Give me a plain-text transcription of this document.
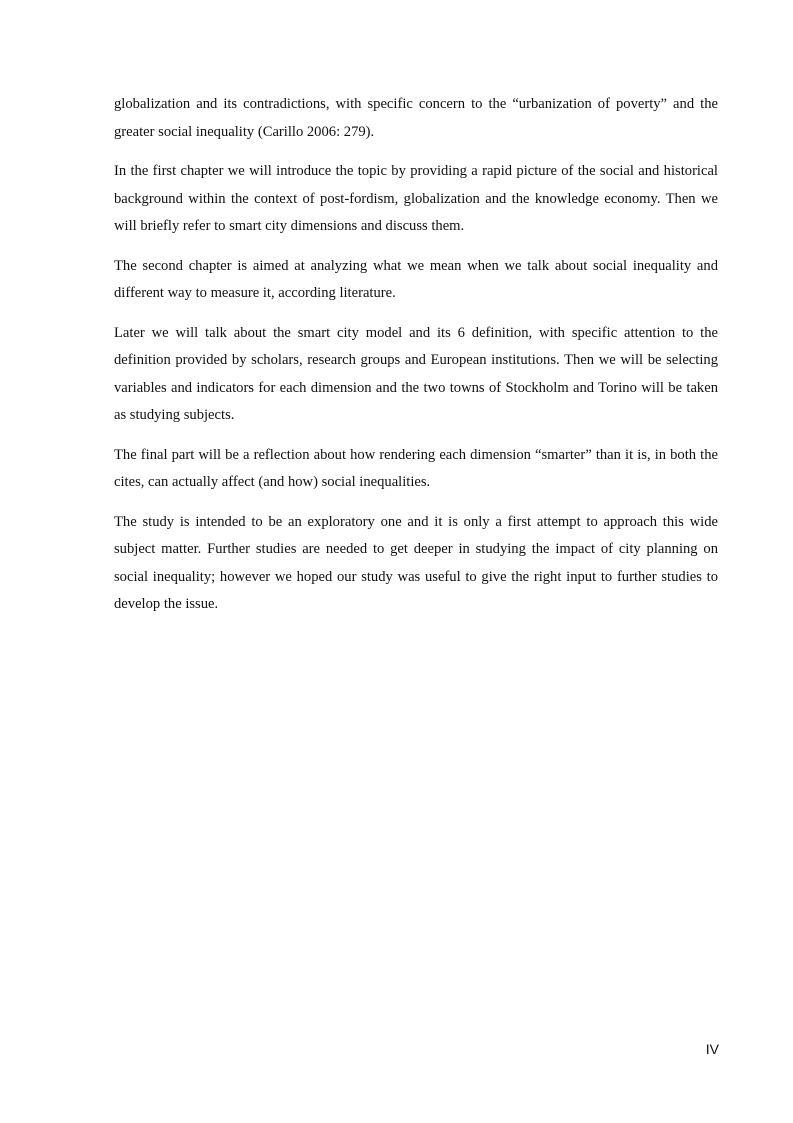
globalization and its contradictions, with specific concern to the “urbanization of poverty” and the greater social inequality (Carillo 2006: 279).

In the first chapter we will introduce the topic by providing a rapid picture of the social and historical background within the context of post-fordism, globalization and the knowledge economy. Then we will briefly refer to smart city dimensions and discuss them.

The second chapter is aimed at analyzing what we mean when we talk about social inequality and different way to measure it, according literature.

Later we will talk about the smart city model and its 6 definition, with specific attention to the definition provided by scholars, research groups and European institutions. Then we will be selecting variables and indicators for each dimension and the two towns of Stockholm and Torino will be taken as studying subjects.

The final part will be a reflection about how rendering each dimension “smarter” than it is, in both the cites, can actually affect (and how) social inequalities.

The study is intended to be an exploratory one and it is only a first attempt to approach this wide subject matter. Further studies are needed to get deeper in studying the impact of city planning on social inequality; however we hoped our study was useful to give the right input to further studies to develop the issue.

IV
